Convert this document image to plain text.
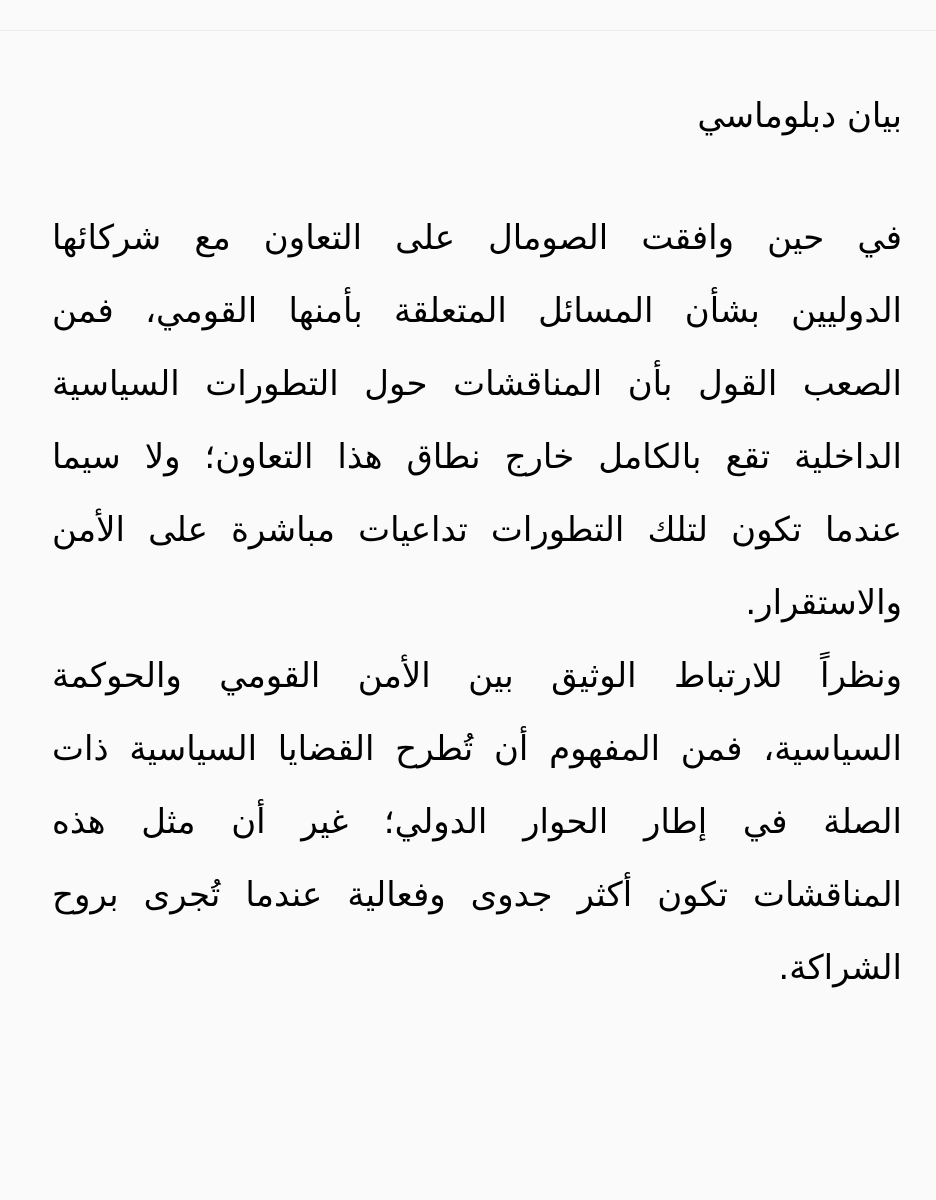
بيان دبلوماسي

في حين وافقت الصومال على التعاون مع شركائها
الدوليين بشأن المسائل المتعلقة بأمنها القومي، فمن
الصعب القول بأن المناقشات حول التطورات السياسية
الداخلية تقع بالكامل خارج نطاق هذا التعاون؛ ولا سيما
عندما تكون لتلك التطورات تداعيات مباشرة على الأمن
والاستقرار.

ونظراً للارتباط الوثيق بين الأمن القومي والحوكمة
السياسية، فمن المفهوم أن تُطرح القضايا السياسية ذات
الصلة في إطار الحوار الدولي؛ غير أن مثل هذه
المناقشات تكون أكثر جدوى وفعالية عندما تُجرى بروح
الشراكة.
